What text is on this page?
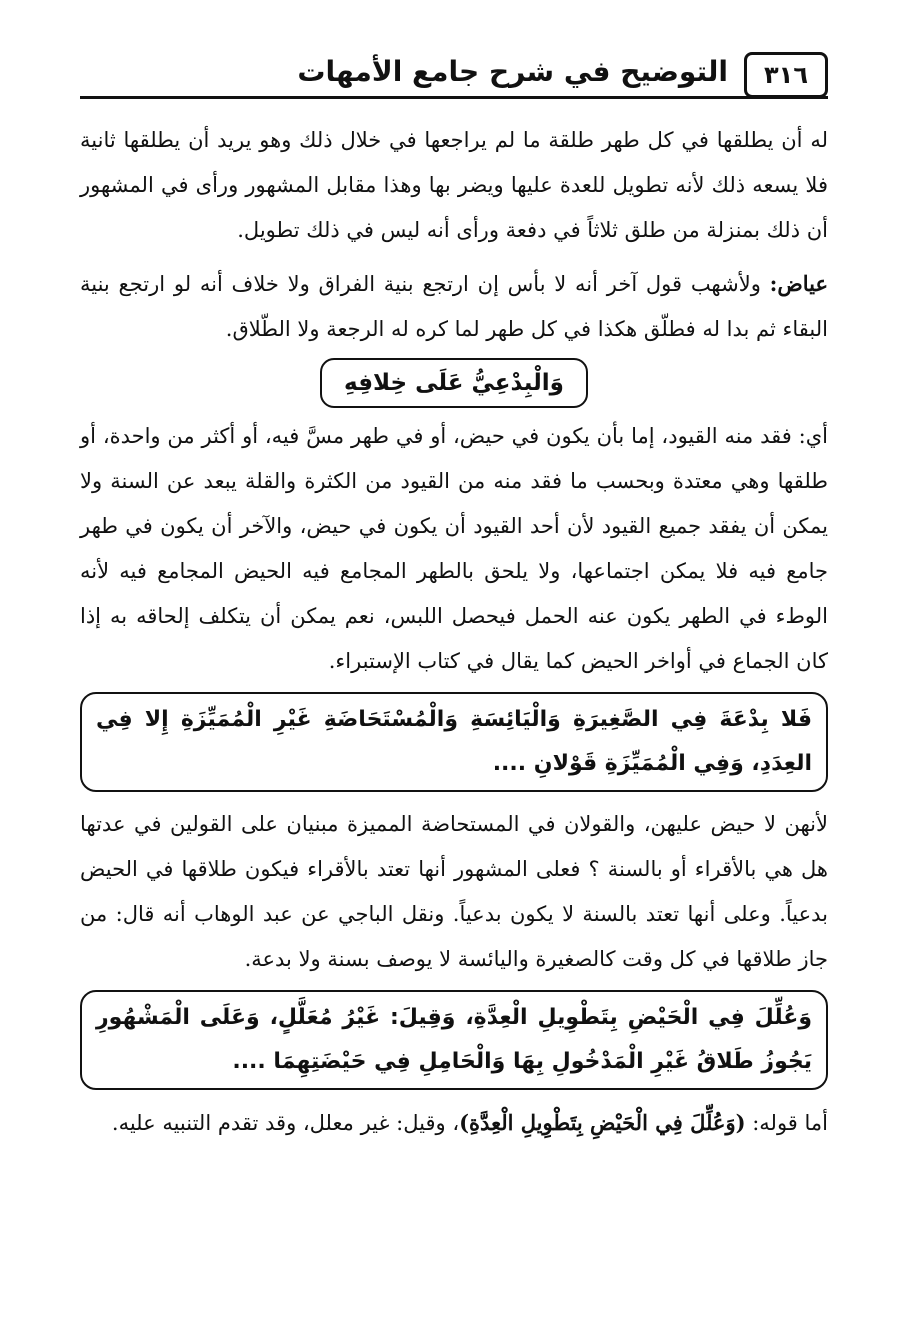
٣١٦
التوضيح في شرح جامع الأمهات

له أن يطلقها في كل طهر طلقة ما لم يراجعها في خلال ذلك وهو يريد أن يطلقها ثانية فلا يسعه ذلك لأنه تطويل للعدة عليها ويضر بها وهذا مقابل المشهور ورأى في المشهور أن ذلك بمنزلة من طلق ثلاثاً في دفعة ورأى أنه ليس في ذلك تطويل.

عياض: ولأشهب قول آخر أنه لا بأس إن ارتجع بنية الفراق ولا خلاف أنه لو ارتجع بنية البقاء ثم بدا له فطلّق هكذا في كل طهر لما كره له الرجعة ولا الطّلاق.

وَالْبِدْعِيُّ عَلَى خِلافِهِ

أي: فقد منه القيود، إما بأن يكون في حيض، أو في طهر مسَّ فيه، أو أكثر من واحدة، أو طلقها وهي معتدة وبحسب ما فقد منه من القيود من الكثرة والقلة يبعد عن السنة ولا يمكن أن يفقد جميع القيود لأن أحد القيود أن يكون في حيض، والآخر أن يكون في طهر جامع فيه فلا يمكن اجتماعها، ولا يلحق بالطهر المجامع فيه الحيض المجامع فيه لأنه الوطء في الطهر يكون عنه الحمل فيحصل اللبس، نعم يمكن أن يتكلف إلحاقه به إذا كان الجماع في أواخر الحيض كما يقال في كتاب الإستبراء.

فَلا بِدْعَةَ فِي الصَّغِيرَةِ وَالْيَائِسَةِ وَالْمُسْتَحَاضَةِ غَيْرِ الْمُمَيِّزَةِ إِلا فِي العِدَدِ، وَفِي الْمُمَيِّزَةِ قَوْلانِ ....

لأنهن لا حيض عليهن، والقولان في المستحاضة المميزة مبنيان على القولين في عدتها هل هي بالأقراء أو بالسنة ؟ فعلى المشهور أنها تعتد بالأقراء فيكون طلاقها في الحيض بدعياً. وعلى أنها تعتد بالسنة لا يكون بدعياً. ونقل الباجي عن عبد الوهاب أنه قال: من جاز طلاقها في كل وقت كالصغيرة واليائسة لا يوصف بسنة ولا بدعة.

وَعُلِّلَ فِي الْحَيْضِ بِتَطْوِيلِ الْعِدَّةِ، وَقِيلَ: غَيْرُ مُعَلَّلٍ، وَعَلَى الْمَشْهُورِ يَجُوزُ طَلاقُ غَيْرِ الْمَدْخُولِ بِهَا وَالْحَامِلِ فِي حَيْضَتِهِمَا ....

أما قوله: (وَعُلِّلَ فِي الْحَيْضِ بِتَطْوِيلِ الْعِدَّةِ)، وقيل: غير معلل، وقد تقدم التنبيه عليه.
